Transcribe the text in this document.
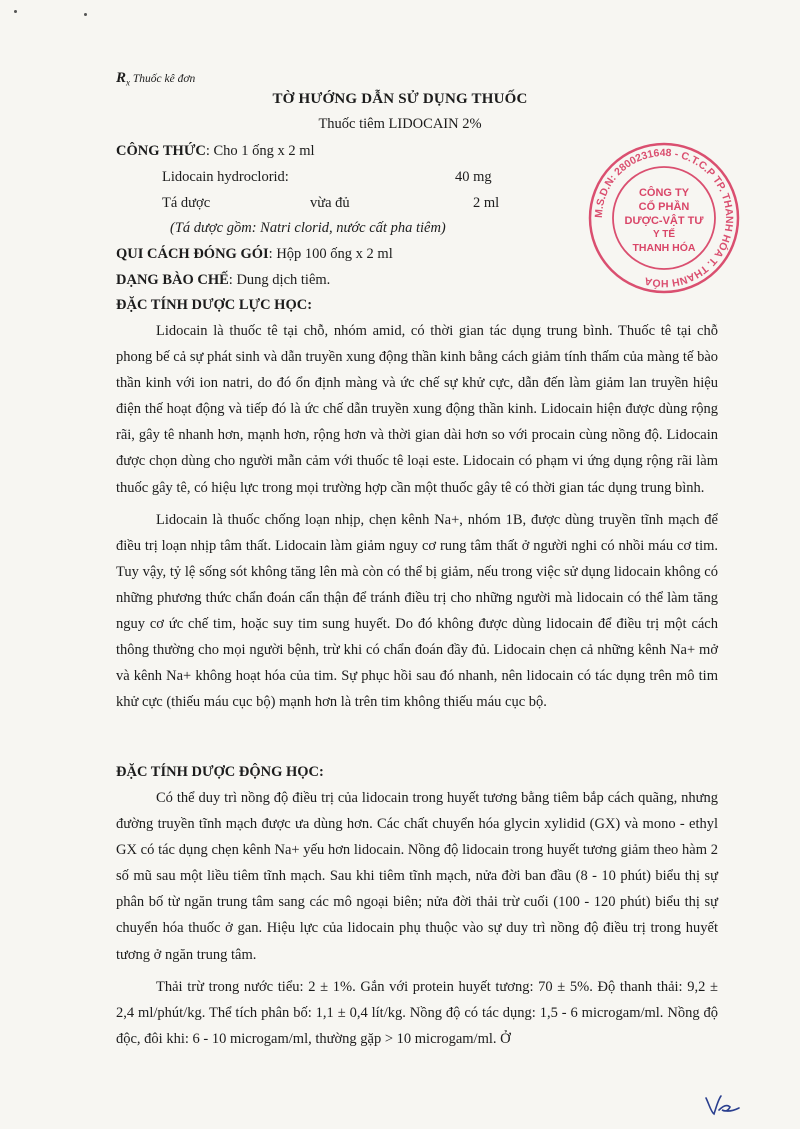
$R_x$ Thuốc kê đơn
TỜ HƯỚNG DẪN SỬ DỤNG THUỐC
Thuốc tiêm LIDOCAIN 2%
CÔNG THỨC: Cho 1 ống x 2 ml
Lidocain hydroclorid:	40 mg
Tá dược	vừa đủ	2 ml
(Tá dược gồm: Natri clorid, nước cất pha tiêm)
QUI CÁCH ĐÓNG GÓI: Hộp 100 ống x 2 ml
DẠNG BÀO CHẾ: Dung dịch tiêm.
ĐẶC TÍNH DƯỢC LỰC HỌC:

Lidocain là thuốc tê tại chỗ, nhóm amid, có thời gian tác dụng trung bình. Thuốc tê tại chỗ phong bế cả sự phát sinh và dẫn truyền xung động thần kinh bằng cách giảm tính thấm của màng tế bào thần kinh với ion natri, do đó ổn định màng và ức chế sự khử cực, dẫn đến làm giảm lan truyền hiệu điện thế hoạt động và tiếp đó là ức chế dẫn truyền xung động thần kinh. Lidocain hiện được dùng rộng rãi, gây tê nhanh hơn, mạnh hơn, rộng hơn và thời gian dài hơn so với procain cùng nồng độ. Lidocain được chọn dùng cho người mẫn cảm với thuốc tê loại este. Lidocain có phạm vi ứng dụng rộng rãi làm thuốc gây tê, có hiệu lực trong mọi trường hợp cần một thuốc gây tê có thời gian tác dụng trung bình.

Lidocain là thuốc chống loạn nhịp, chẹn kênh Na+, nhóm 1B, được dùng truyền tĩnh mạch để điều trị loạn nhịp tâm thất. Lidocain làm giảm nguy cơ rung tâm thất ở người nghi có nhồi máu cơ tim. Tuy vậy, tỷ lệ sống sót không tăng lên mà còn có thể bị giảm, nếu trong việc sử dụng lidocain không có những phương thức chẩn đoán cẩn thận để tránh điều trị cho những người mà lidocain có thể làm tăng nguy cơ ức chế tim, hoặc suy tim sung huyết. Do đó không được dùng lidocain để điều trị một cách thông thường cho mọi người bệnh, trừ khi có chẩn đoán đầy đủ. Lidocain chẹn cả những kênh Na+ mở và kênh Na+ không hoạt hóa của tim. Sự phục hồi sau đó nhanh, nên lidocain có tác dụng trên mô tim khử cực (thiếu máu cục bộ) mạnh hơn là trên tim không thiếu máu cục bộ.

ĐẶC TÍNH DƯỢC ĐỘNG HỌC:

Có thể duy trì nồng độ điều trị của lidocain trong huyết tương bằng tiêm bắp cách quãng, nhưng đường truyền tĩnh mạch được ưa dùng hơn. Các chất chuyển hóa glycin xylidid (GX) và mono - ethyl GX có tác dụng chẹn kênh Na+ yếu hơn lidocain. Nồng độ lidocain trong huyết tương giảm theo hàm 2 số mũ sau một liều tiêm tĩnh mạch. Sau khi tiêm tĩnh mạch, nửa đời ban đầu (8 - 10 phút) biểu thị sự phân bố từ ngăn trung tâm sang các mô ngoại biên; nửa đời thải trừ cuối (100 - 120 phút) biểu thị sự chuyển hóa thuốc ở gan. Hiệu lực của lidocain phụ thuộc vào sự duy trì nồng độ điều trị trong huyết tương ở ngăn trung tâm.

Thải trừ trong nước tiểu: 2 ± 1%. Gắn với protein huyết tương: 70 ± 5%. Độ thanh thải: 9,2 ± 2,4 ml/phút/kg. Thể tích phân bố: 1,1 ± 0,4 lít/kg. Nồng độ có tác dụng: 1,5 - 6 microgam/ml. Nồng độ độc, đôi khi: 6 - 10 microgam/ml, thường gặp > 10 microgam/ml. Ở

M.S.D.N: 2800231648 - C.T.C.P TP. THANH HÓA T. THANH HÓA
CÔNG TY
CỔ PHẦN
DƯỢC-VẬT TƯ
Y TẾ
THANH HÓA
